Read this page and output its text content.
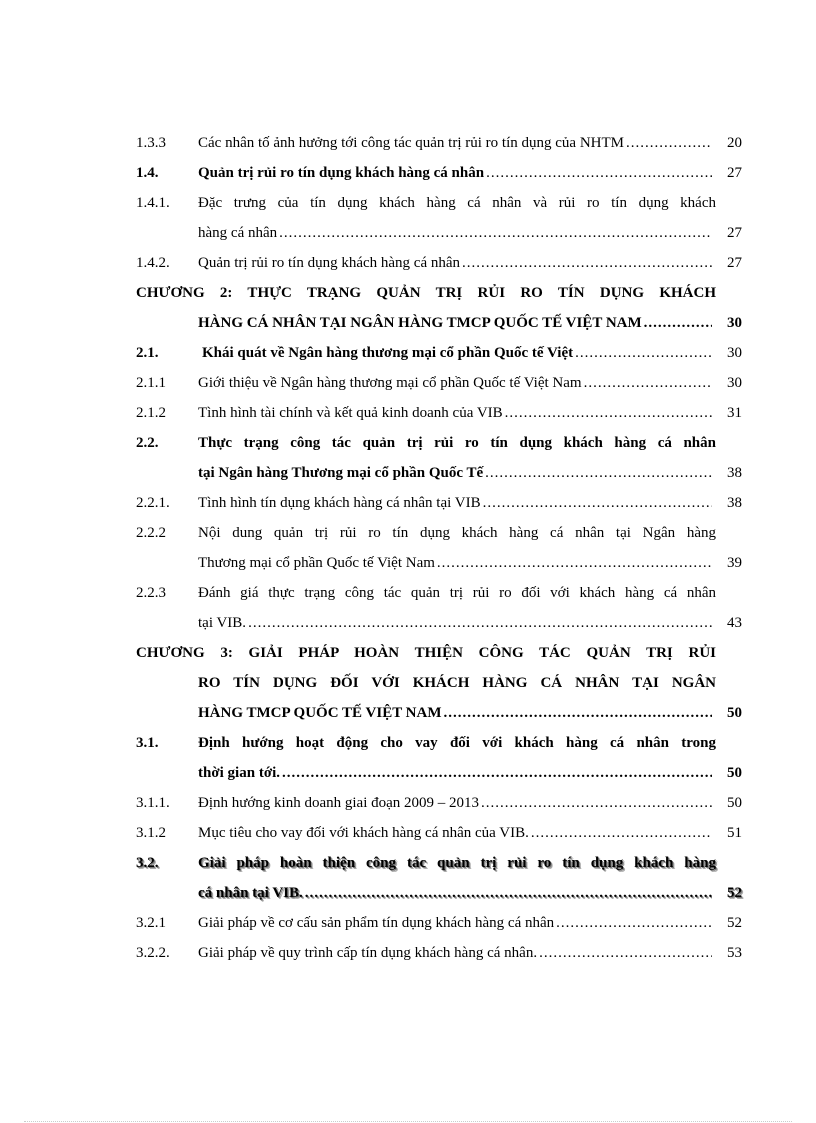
1.3.3	Các nhân tố ảnh hưởng tới công tác quản trị rủi ro tín dụng của NHTM .....	20
1.4.	Quản trị rủi ro tín dụng khách hàng cá nhân .....	27
1.4.1.	Đặc trưng của tín dụng khách hàng cá nhân và rủi ro tín dụng khách
hàng cá nhân .....	27
1.4.2.	Quản trị rủi ro tín dụng khách hàng cá nhân .....	27
CHƯƠNG 2: THỰC TRẠNG QUẢN TRỊ RỦI RO TÍN DỤNG KHÁCH
HÀNG CÁ NHÂN TẠI NGÂN HÀNG TMCP QUỐC TẾ VIỆT NAM .....	30
2.1.	Khái quát về Ngân hàng thương mại cổ phần Quốc tế Việt .....	30
2.1.1	Giới thiệu về Ngân hàng thương mại cổ phần Quốc tế Việt Nam .....	30
2.1.2	Tình hình tài chính và kết quả kinh doanh của VIB .....	31
2.2.	Thực trạng công tác quản trị rủi ro tín dụng khách hàng cá nhân
tại Ngân hàng Thương mại cổ phần Quốc Tế .....	38
2.2.1.	Tình hình tín dụng khách hàng cá nhân tại VIB .....	38
2.2.2	Nội dung quản trị rủi ro tín dụng khách hàng cá nhân tại Ngân hàng
Thương mại cổ phần Quốc tế Việt Nam .....	39
2.2.3	Đánh giá thực trạng công tác quản trị rủi ro đối với khách hàng cá nhân
tại VIB. .....	43
CHƯƠNG 3: GIẢI PHÁP HOÀN THIỆN CÔNG TÁC QUẢN TRỊ RỦI
RO TÍN DỤNG ĐỐI VỚI KHÁCH HÀNG CÁ NHÂN TẠI NGÂN
HÀNG TMCP QUỐC TẾ VIỆT NAM .....	50
3.1.	Định hướng hoạt động cho vay đối với khách hàng cá nhân trong
thời gian tới. .....	50
3.1.1.	Định hướng kinh doanh giai đoạn 2009 – 2013 .....	50
3.1.2	Mục tiêu cho vay đối với khách hàng cá nhân của VIB. .....	51
3.2.	Giải pháp hoàn thiện công tác quản trị rủi ro tín dụng khách hàng
cá nhân tại VIB. .....	52
3.2.1	Giải pháp về cơ cấu sản phẩm tín dụng khách hàng cá nhân .....	52
3.2.2.	Giải pháp về quy trình cấp tín dụng khách hàng cá nhân. .....	53
